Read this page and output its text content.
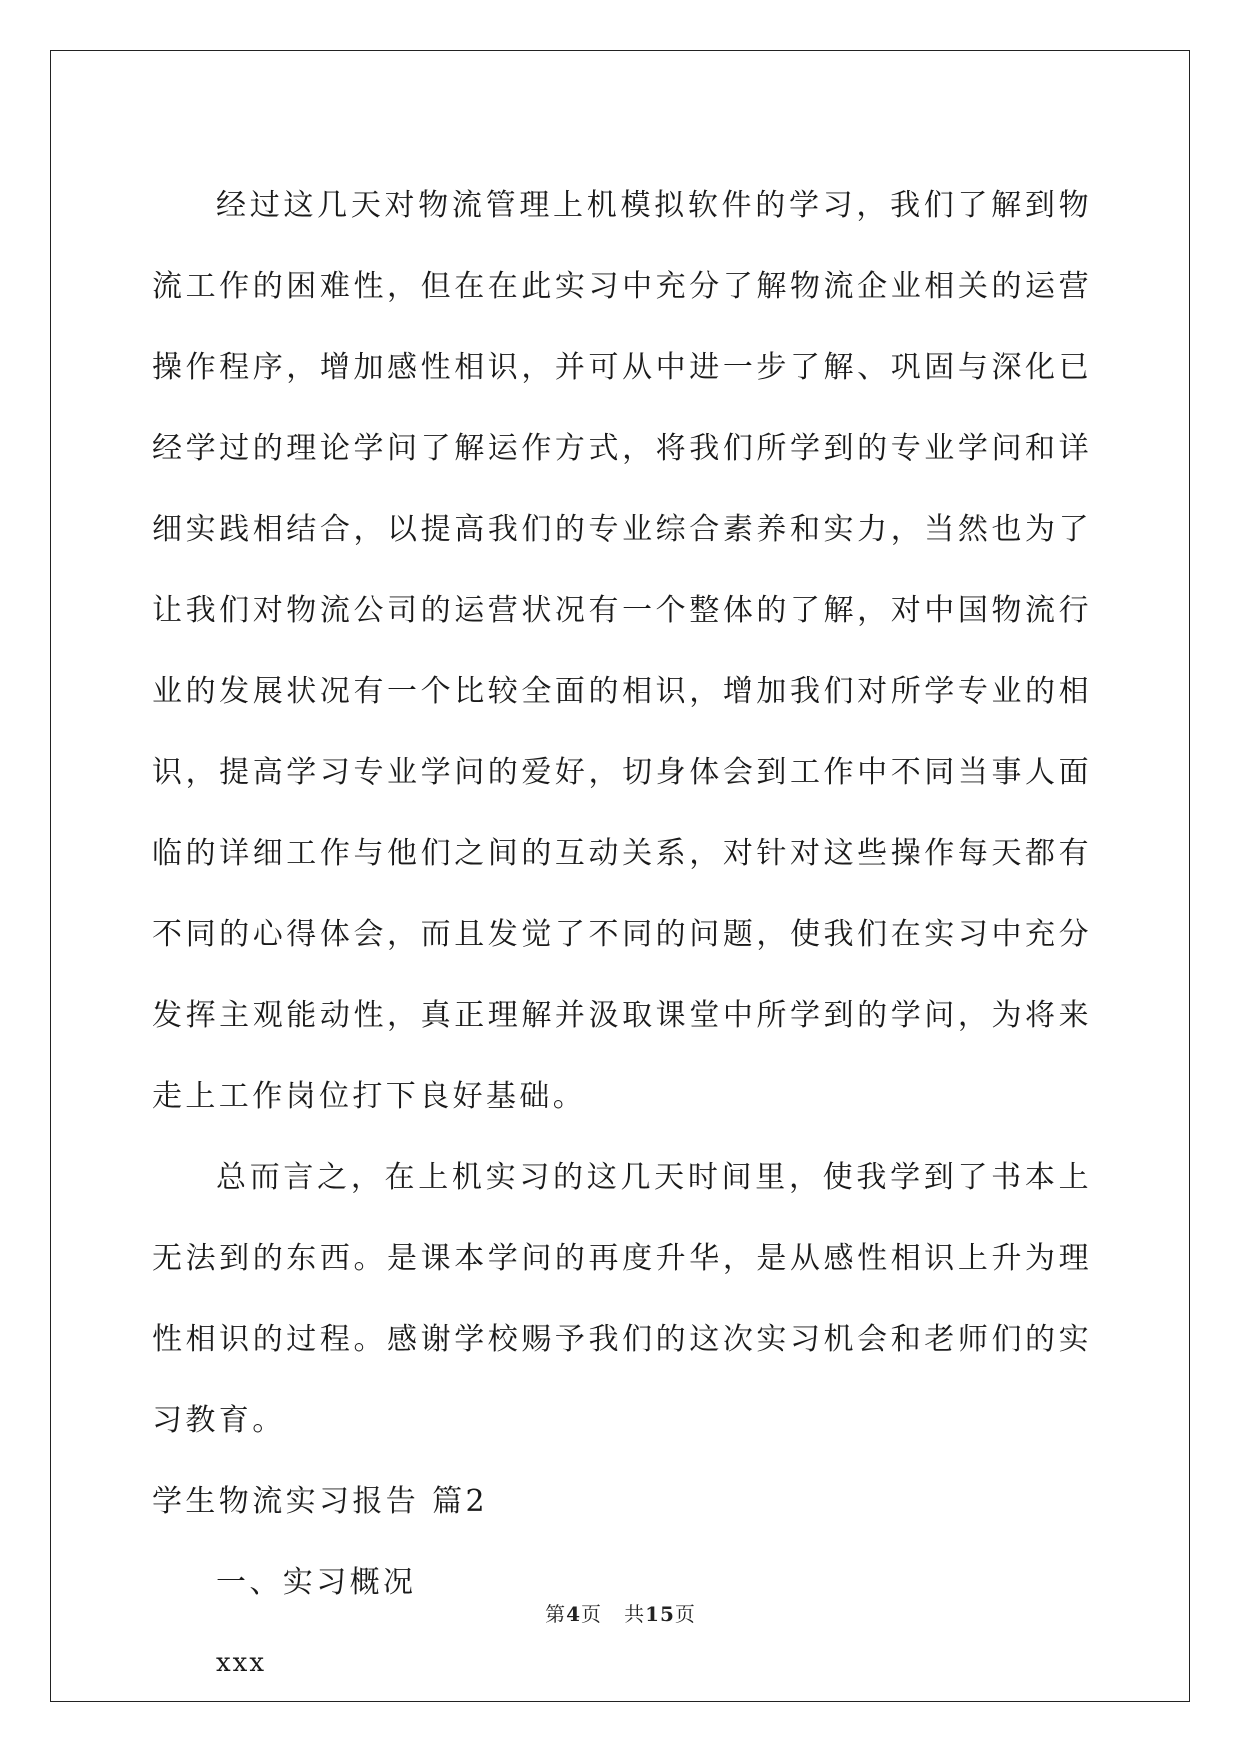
经过这几天对物流管理上机模拟软件的学习，我们了解到物流工作的困难性，但在在此实习中充分了解物流企业相关的运营操作程序，增加感性相识，并可从中进一步了解、巩固与深化已经学过的理论学问了解运作方式，将我们所学到的专业学问和详细实践相结合，以提高我们的专业综合素养和实力，当然也为了让我们对物流公司的运营状况有一个整体的了解，对中国物流行业的发展状况有一个比较全面的相识，增加我们对所学专业的相识，提高学习专业学问的爱好，切身体会到工作中不同当事人面临的详细工作与他们之间的互动关系，对针对这些操作每天都有不同的心得体会，而且发觉了不同的问题，使我们在实习中充分发挥主观能动性，真正理解并汲取课堂中所学到的学问，为将来走上工作岗位打下良好基础。

总而言之，在上机实习的这几天时间里，使我学到了书本上无法到的东西。是课本学问的再度升华，是从感性相识上升为理性相识的过程。感谢学校赐予我们的这次实习机会和老师们的实习教育。

学生物流实习报告 篇2

一、实习概况

xxx

第4页   共15页
